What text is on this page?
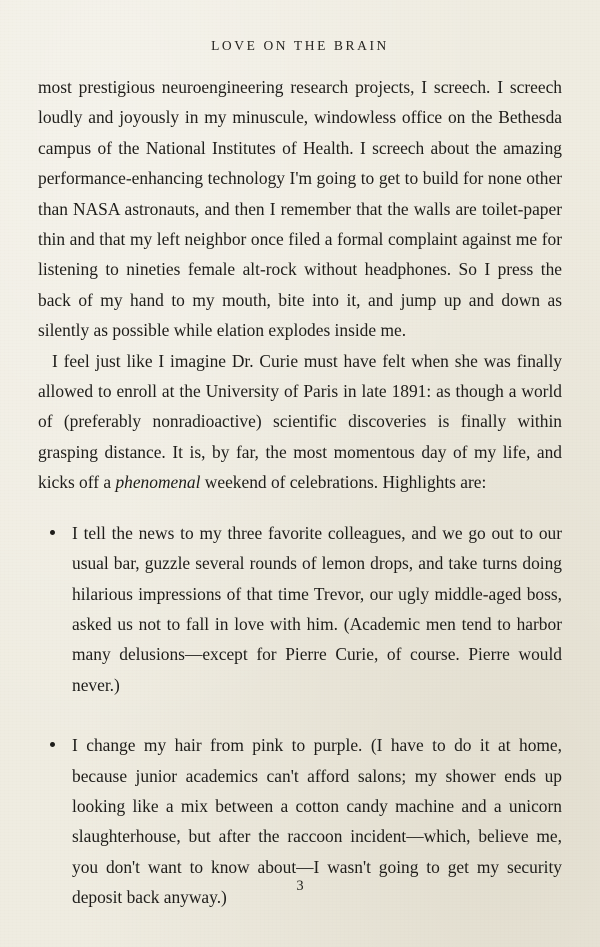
LOVE ON THE BRAIN

most prestigious neuroengineering research projects, I screech. I screech loudly and joyously in my minuscule, windowless office on the Bethesda campus of the National Institutes of Health. I screech about the amazing performance-enhancing technology I'm going to get to build for none other than NASA astronauts, and then I remember that the walls are toilet-paper thin and that my left neighbor once filed a formal complaint against me for listening to nineties female alt-rock without headphones. So I press the back of my hand to my mouth, bite into it, and jump up and down as silently as possible while elation explodes inside me.

I feel just like I imagine Dr. Curie must have felt when she was finally allowed to enroll at the University of Paris in late 1891: as though a world of (preferably nonradioactive) scientific discoveries is finally within grasping distance. It is, by far, the most momentous day of my life, and kicks off a phenomenal weekend of celebrations. Highlights are:

I tell the news to my three favorite colleagues, and we go out to our usual bar, guzzle several rounds of lemon drops, and take turns doing hilarious impressions of that time Trevor, our ugly middle-aged boss, asked us not to fall in love with him. (Academic men tend to harbor many delusions—except for Pierre Curie, of course. Pierre would never.)
I change my hair from pink to purple. (I have to do it at home, because junior academics can't afford salons; my shower ends up looking like a mix between a cotton candy machine and a unicorn slaughterhouse, but after the raccoon incident—which, believe me, you don't want to know about—I wasn't going to get my security deposit back anyway.)
3
